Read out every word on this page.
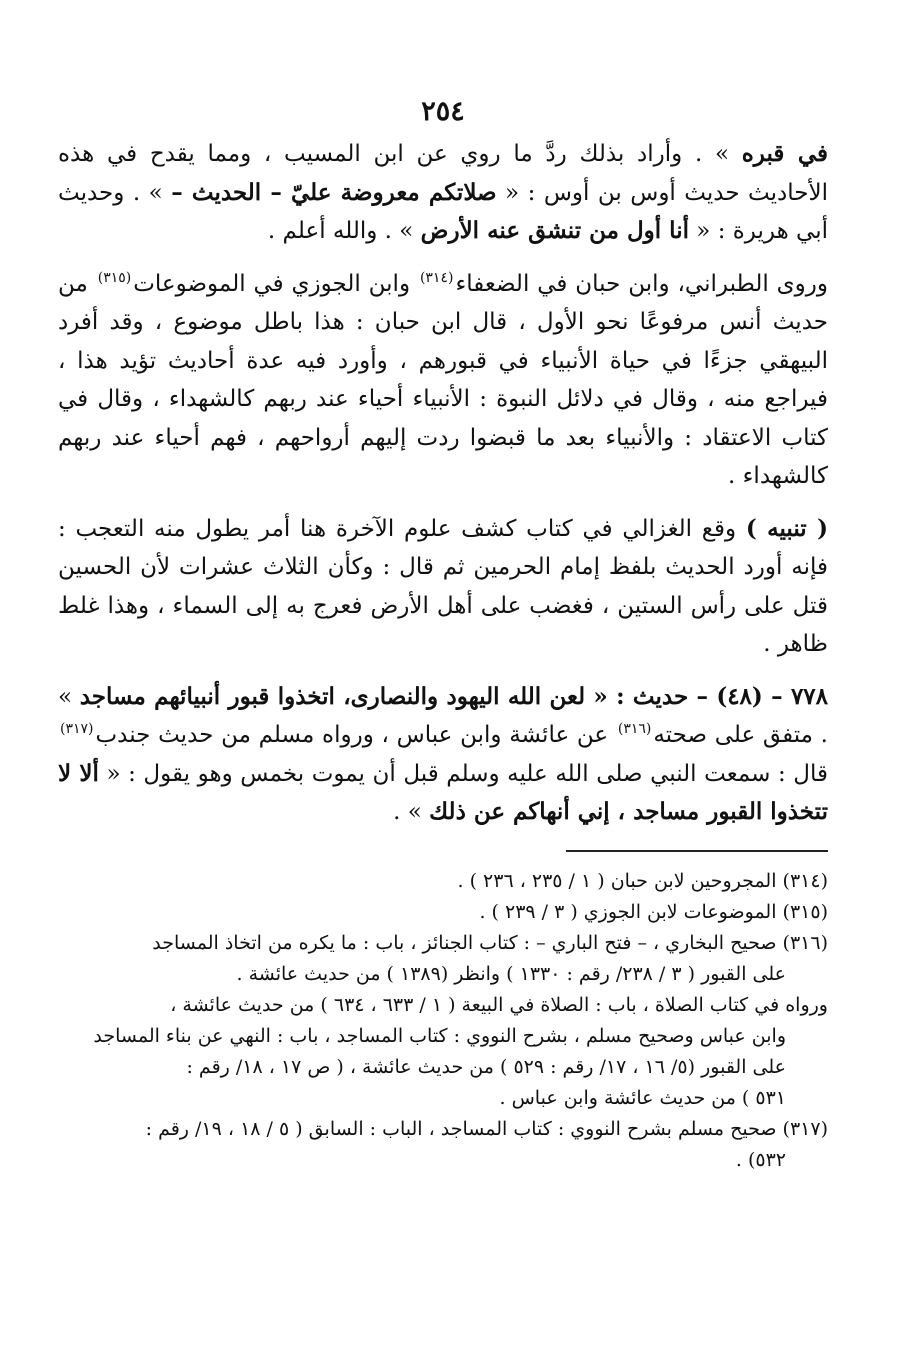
٢٥٤

في قبره » . وأراد بذلك ردَّ ما روي عن ابن المسيب ، ومما يقدح في هذه الأحاديث حديث أوس بن أوس : « صلاتكم معروضة عليّ – الحديث – » . وحديث أبي هريرة : « أنا أول من تنشق عنه الأرض » . والله أعلم .

وروى الطبراني، وابن حبان في الضعفاء$^{(٣١٤)}$ وابن الجوزي في الموضوعات$^{(٣١٥)}$ من حديث أنس مرفوعًا نحو الأول ، قال ابن حبان : هذا باطل موضوع ، وقد أفرد البيهقي جزءًا في حياة الأنبياء في قبورهم ، وأورد فيه عدة أحاديث تؤيد هذا ، فيراجع منه ، وقال في دلائل النبوة : الأنبياء أحياء عند ربهم كالشهداء ، وقال في كتاب الاعتقاد : والأنبياء بعد ما قبضوا ردت إليهم أرواحهم ، فهم أحياء عند ربهم كالشهداء .

( تنبيه ) وقع الغزالي في كتاب كشف علوم الآخرة هنا أمر يطول منه التعجب : فإنه أورد الحديث بلفظ إمام الحرمين ثم قال : وكأن الثلاث عشرات لأن الحسين قتل على رأس الستين ، فغضب على أهل الأرض فعرج به إلى السماء ، وهذا غلط ظاهر .

٧٧٨ – (٤٨) – حديث : « لعن الله اليهود والنصارى، اتخذوا قبور أنبيائهم مساجد » . متفق على صحته$^{(٣١٦)}$ عن عائشة وابن عباس ، ورواه مسلم من حديث جندب$^{(٣١٧)}$ قال : سمعت النبي صلى الله عليه وسلم قبل أن يموت بخمس وهو يقول : « ألا لا تتخذوا القبور مساجد ، إني أنهاكم عن ذلك » .

(٣١٤) المجروحين لابن حبان ( ١ / ٢٣٥ ، ٢٣٦ ) .

(٣١٥) الموضوعات لابن الجوزي ( ٣ / ٢٣٩ ) .

(٣١٦) صحيح البخاري ، – فتح الباري – : كتاب الجنائز ، باب : ما يكره من اتخاذ المساجد

على القبور ( ٣ / ٢٣٨/ رقم : ١٣٣٠ ) وانظر (١٣٨٩ ) من حديث عائشة .

ورواه في كتاب الصلاة ، باب : الصلاة في البيعة ( ١ / ٦٣٣ ، ٦٣٤ ) من حديث عائشة ،

وابن عباس وصحيح مسلم ، بشرح النووي : كتاب المساجد ، باب : النهي عن بناء المساجد

على القبور (٥/ ١٦ ، ١٧/ رقم : ٥٢٩ ) من حديث عائشة ، ( ص ١٧ ، ١٨/ رقم :

٥٣١ ) من حديث عائشة وابن عباس .

(٣١٧) صحيح مسلم بشرح النووي : كتاب المساجد ، الباب : السابق ( ٥ / ١٨ ، ١٩/ رقم :

٥٣٢) .
